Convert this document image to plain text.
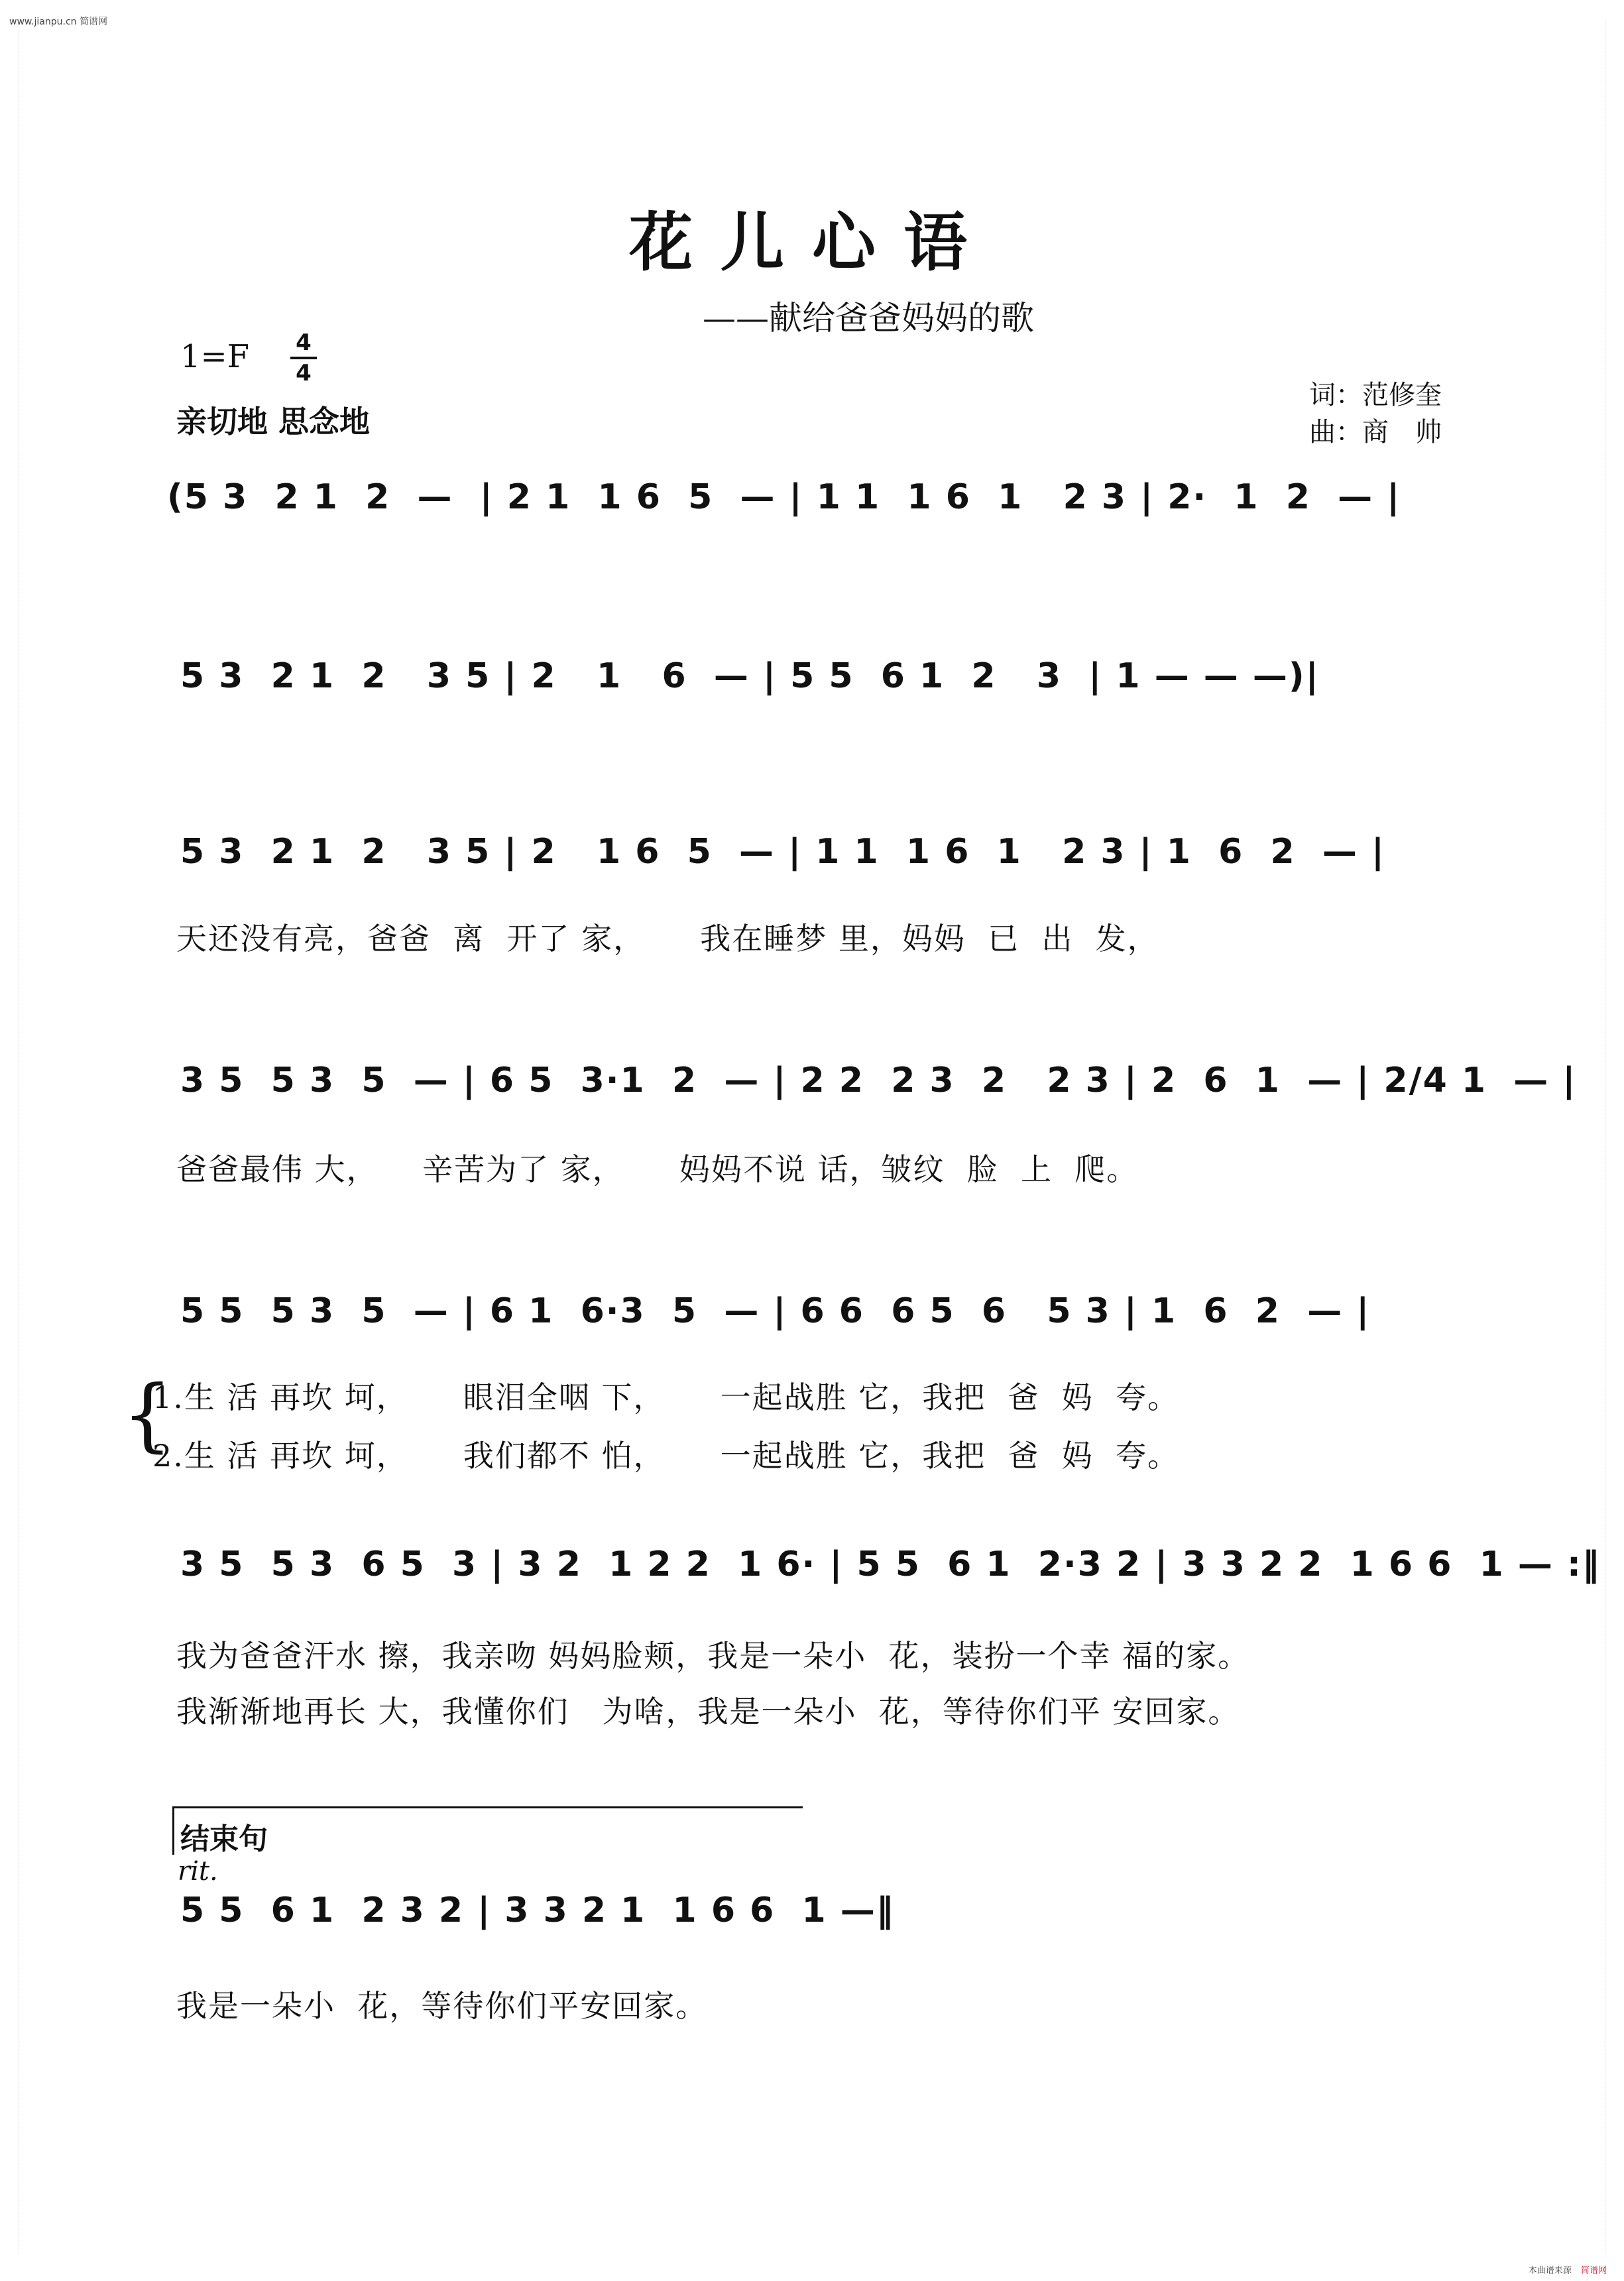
www.jianpu.cn 简谱网
花儿心语
——献给爸爸妈妈的歌
1=F 4
4
亲切地 思念地
词：范修奎
曲：商　帅
(5 3  2 1  2  —  | 2 1  1 6  5  — | 1 1  1 6  1   2 3 | 2·  1  2  — |
5 3  2 1  2   3 5 | 2   1   6  — | 5 5  6 1  2   3  | 1 — — —)|
5 3  2 1  2   3 5 | 2   1 6  5  — | 1 1  1 6  1   2 3 | 1  6  2  — |
天还没有亮，爸爸  离  开了 家，     我在睡梦 里，妈妈  已  出  发，
3 5  5 3  5  — | 6 5  3·1  2  — | 2 2  2 3  2   2 3 | 2  6  1  — | 2/4 1  — |
爸爸最伟 大，    辛苦为了 家，     妈妈不说 话，皱纹  脸  上  爬。
5 5  5 3  5  — | 6 1  6·3  5  — | 6 6  6 5  6   5 3 | 1  6  2  — |
{
1.生 活 再坎 坷，     眼泪全咽 下，     一起战胜 它，我把  爸  妈  夸。
2.生 活 再坎 坷，     我们都不 怕，     一起战胜 它，我把  爸  妈  夸。
3 5  5 3  6 5  3 | 3 2  1 2 2  1 6· | 5 5  6 1  2·3 2 | 3 3 2 2  1 6 6  1 — :‖
我为爸爸汗水 擦，我亲吻 妈妈脸颊，我是一朵小  花，装扮一个幸 福的家。
我渐渐地再长 大，我懂你们   为啥，我是一朵小  花，等待你们平 安回家。
结束句
rit.
5 5  6 1  2 3 2 | 3 3 2 1  1 6 6  1 —‖
我是一朵小  花，等待你们平安回家。
本曲谱来源 简谱网
